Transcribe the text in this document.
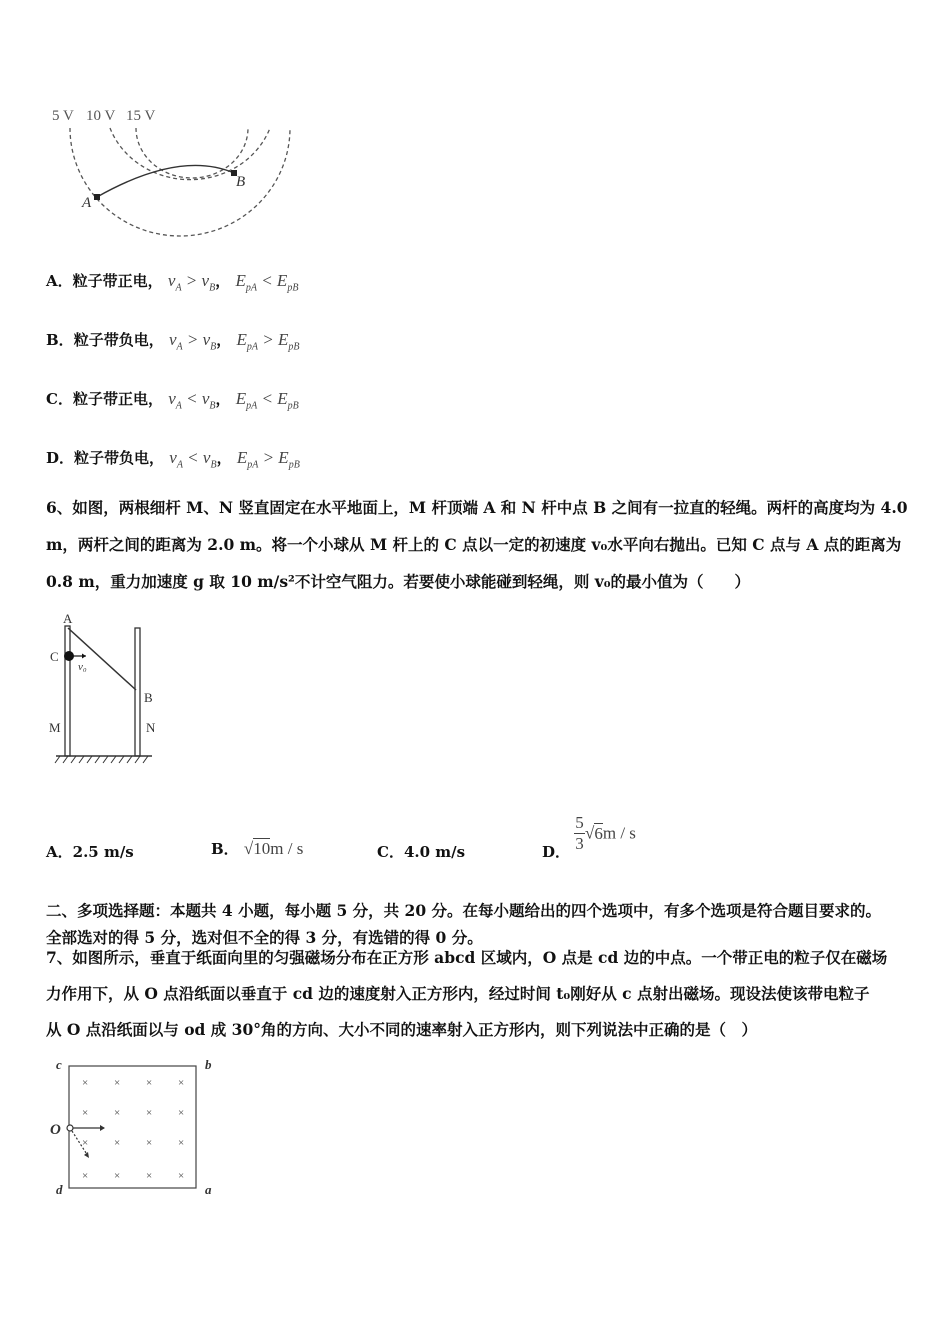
5 V 10 V 15 V
A
B
A．粒子带正电， $v_A > v_B$， $E_{pA} < E_{pB}$
B．粒子带负电， $v_A > v_B$， $E_{pA} > E_{pB}$
C．粒子带正电， $v_A < v_B$， $E_{pA} < E_{pB}$
D．粒子带负电， $v_A < v_B$， $E_{pA} > E_{pB}$
6、如图，两根细杆 M、N 竖直固定在水平地面上，M 杆顶端 A 和 N 杆中点 B 之间有一拉直的轻绳。两杆的高度均为 4.0
m，两杆之间的距离为 2.0 m。将一个小球从 M 杆上的 C 点以一定的初速度 v₀水平向右抛出。已知 C 点与 A 点的距离为
0.8 m，重力加速度 g 取 10 m/s²不计空气阻力。若要使小球能碰到轻绳，则 v₀的最小值为（　　）
A
C
v₀
B
M	N
A．2.5 m/s	B． √10m / s	C．4.0 m/s	D． $\frac{5}{3} √6m$ / s
二、多项选择题：本题共 4 小题，每小题 5 分，共 20 分。在每小题给出的四个选项中，有多个选项是符合题目要求的。
全部选对的得 5 分，选对但不全的得 3 分，有选错的得 0 分。
7、如图所示，垂直于纸面向里的匀强磁场分布在正方形 abcd 区域内，O 点是 cd 边的中点。一个带正电的粒子仅在磁场
力作用下，从 O 点沿纸面以垂直于 cd 边的速度射入正方形内，经过时间 t₀刚好从 c 点射出磁场。现设法使该带电粒子
从 O 点沿纸面以与 od 成 30°角的方向、大小不同的速率射入正方形内，则下列说法中正确的是（　）
× × × ×
× × × ×
× × × ×
× × × ×
c	b
O
d	a
